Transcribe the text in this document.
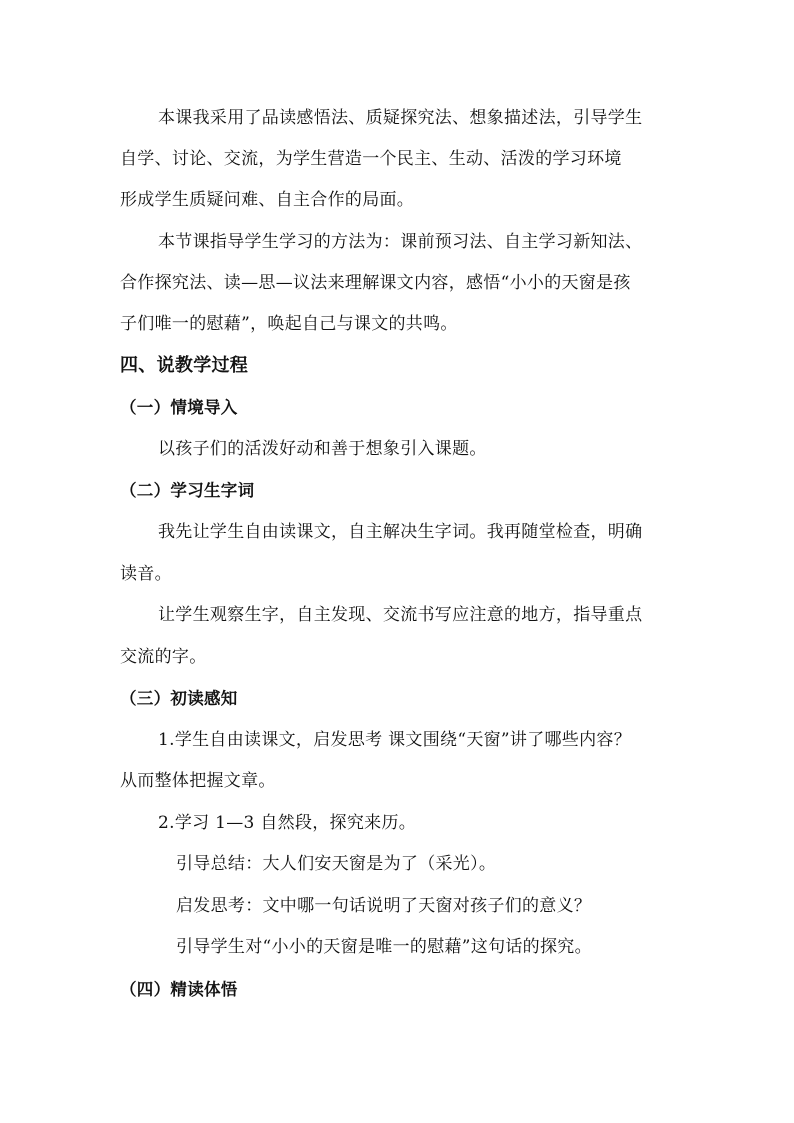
本课我采用了品读感悟法、质疑探究法、想象描述法，引导学生
自学、讨论、交流，为学生营造一个民主、生动、活泼的学习环境
形成学生质疑问难、自主合作的局面。
本节课指导学生学习的方法为：课前预习法、自主学习新知法、
合作探究法、读—思—议法来理解课文内容，感悟“小小的天窗是孩
子们唯一的慰藉”，唤起自己与课文的共鸣。
四、说教学过程
（一）情境导入
以孩子们的活泼好动和善于想象引入课题。
（二）学习生字词
我先让学生自由读课文，自主解决生字词。我再随堂检查，明确
读音。
让学生观察生字，自主发现、交流书写应注意的地方，指导重点
交流的字。
（三）初读感知
1.学生自由读课文，启发思考 课文围绕“天窗”讲了哪些内容？
从而整体把握文章。
2.学习 1—3 自然段，探究来历。
引导总结：大人们安天窗是为了（采光）。
启发思考：文中哪一句话说明了天窗对孩子们的意义？
引导学生对“小小的天窗是唯一的慰藉”这句话的探究。
（四）精读体悟
